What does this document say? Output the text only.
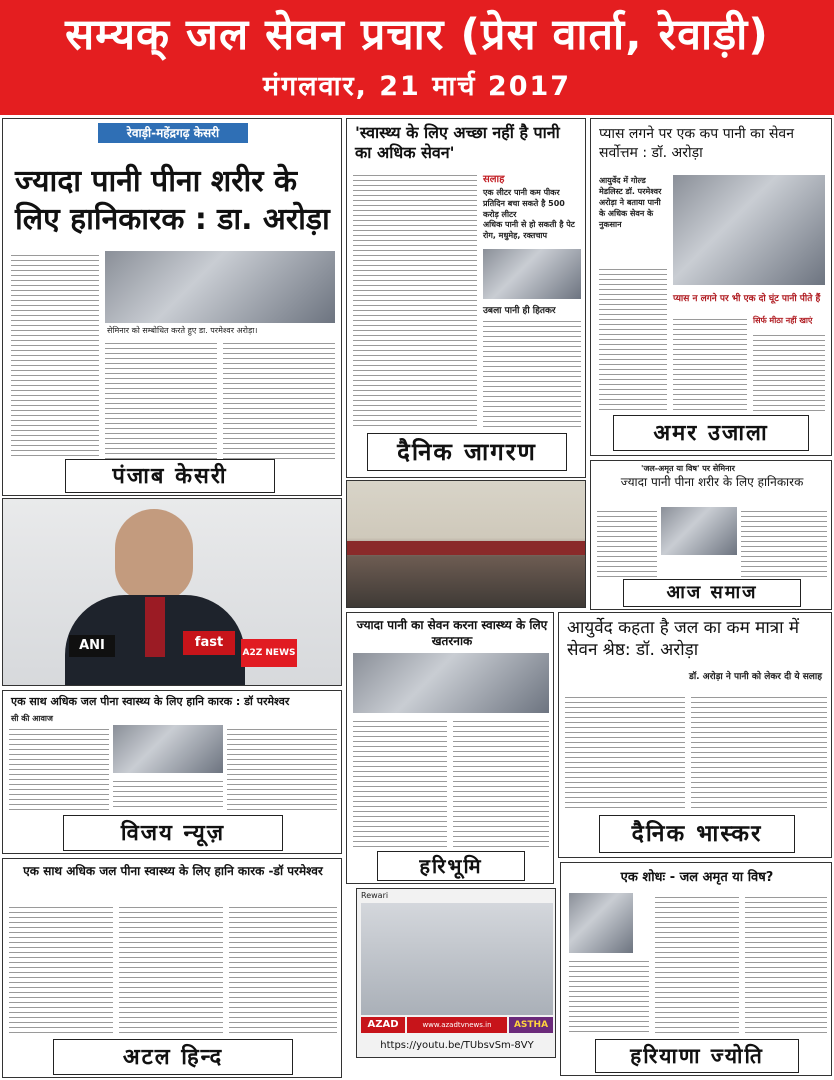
सम्यक् जल सेवन प्रचार (प्रेस वार्ता, रेवाड़ी)
मंगलवार, 21 मार्च 2017
रेवाड़ी-महेंद्रगढ़ केसरी
ज्यादा पानी पीना शरीर के लिए हानिकारक : डा. अरोड़ा
सेमिनार को सम्बोधित करते हुए डा. परमेश्वर अरोड़ा।
पंजाब केसरी
'स्वास्थ्य के लिए अच्छा नहीं है पानी का अधिक सेवन'
सलाह
एक लीटर पानी कम पीकर प्रतिदिन बचा सकते है 500 करोड़ लीटर
अधिक पानी से हो सकती है पेट रोग, मधुमेह, रक्तचाप
उबला पानी ही हितकर
दैनिक जागरण
प्यास लगने पर एक कप पानी का सेवन सर्वोत्तम : डॉ. अरोड़ा
आयुर्वेद में गोल्ड मेडलिस्ट डॉ. परमेश्वर अरोड़ा ने बताया पानी के अधिक सेवन के नुकसान
प्यास न लगने पर भी एक दो घूंट पानी पीते हैं
सिर्फ मीठा नहीं खाएं
अमर उजाला
'जल-अमृत या विष' पर सेमिनार
ज्यादा पानी पीना शरीर के लिए हानिकारक
आज समाज
ANI	fast
A2Z NEWS
एक साथ अधिक जल पीना स्वास्थ्य के लिए हानि कारक : डॉ परमेश्वर
सी की आवाज
विजय न्यूज़
ज्यादा पानी का सेवन करना स्वास्थ्य के लिए खतरनाक
हरिभूमि
आयुर्वेद कहता है जल का कम मात्रा में सेवन श्रेष्ठ: डॉ. अरोड़ा
डॉ. अरोड़ा ने पानी को लेकर दी ये सलाह
दैनिक भास्कर
एक साथ अधिक जल पीना स्वास्थ्य के लिए हानि कारक -डॉ परमेश्वर
अटल हिन्द
Rewari
AZAD	www.azadtvnews.in	ASTHA
https://youtu.be/TUbsvSm-8VY
एक शोधः - जल अमृत या विष?
हरियाणा ज्योति
